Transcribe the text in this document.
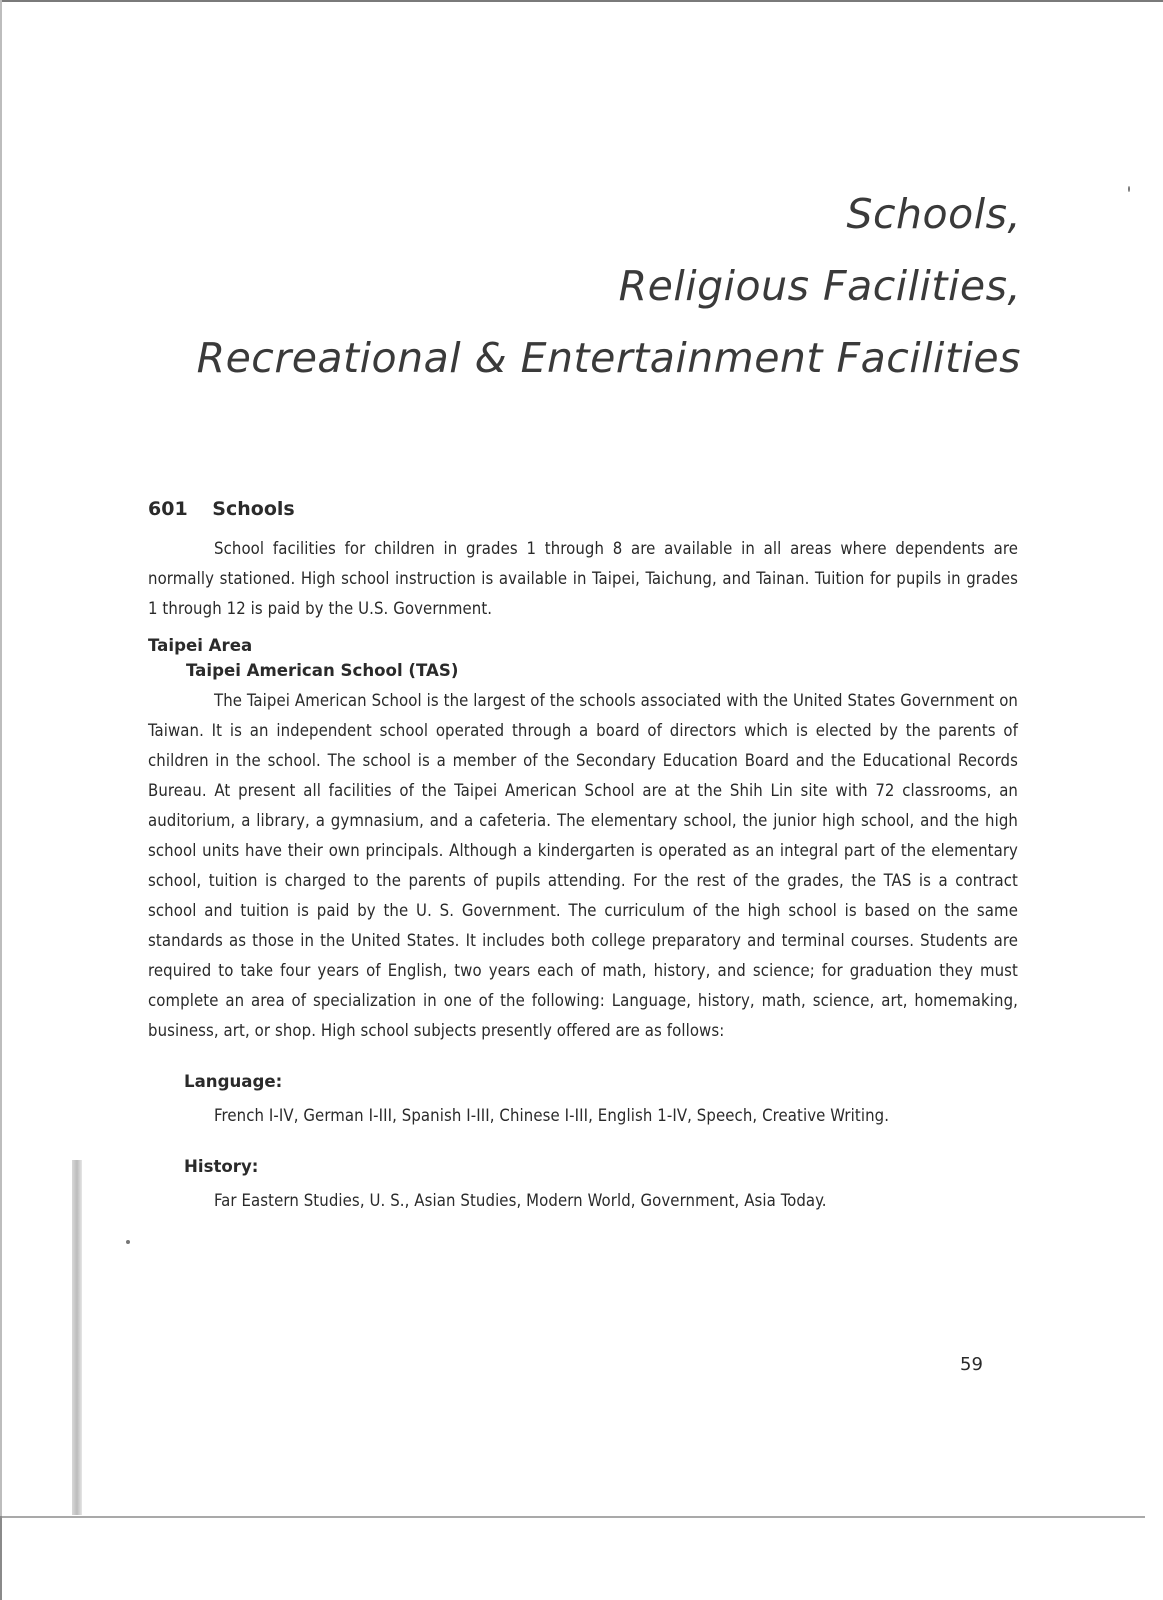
Schools,
Religious Facilities,
Recreational & Entertainment Facilities
601 Schools

School facilities for children in grades 1 through 8 are available in all areas where dependents are normally stationed. High school instruction is available in Taipei, Taichung, and Tainan. Tuition for pupils in grades 1 through 12 is paid by the U.S. Government.

Taipei Area
Taipei American School (TAS)

The Taipei American School is the largest of the schools associated with the United States Government on Taiwan. It is an independent school operated through a board of directors which is elected by the parents of children in the school. The school is a member of the Secondary Education Board and the Educational Records Bureau. At present all facilities of the Taipei American School are at the Shih Lin site with 72 classrooms, an auditorium, a library, a gymnasium, and a cafeteria. The elementary school, the junior high school, and the high school units have their own principals. Although a kindergarten is operated as an integral part of the elementary school, tuition is charged to the parents of pupils attending. For the rest of the grades, the TAS is a contract school and tuition is paid by the U. S. Government. The curriculum of the high school is based on the same standards as those in the United States. It includes both college preparatory and terminal courses. Students are required to take four years of English, two years each of math, history, and science; for graduation they must complete an area of specialization in one of the following: Language, history, math, science, art, homemaking, business, art, or shop. High school subjects presently offered are as follows:

Language:

French I-IV, German I-III, Spanish I-III, Chinese I-III, English 1-IV, Speech, Creative Writing.

History:

Far Eastern Studies, U. S., Asian Studies, Modern World, Government, Asia Today.

59
